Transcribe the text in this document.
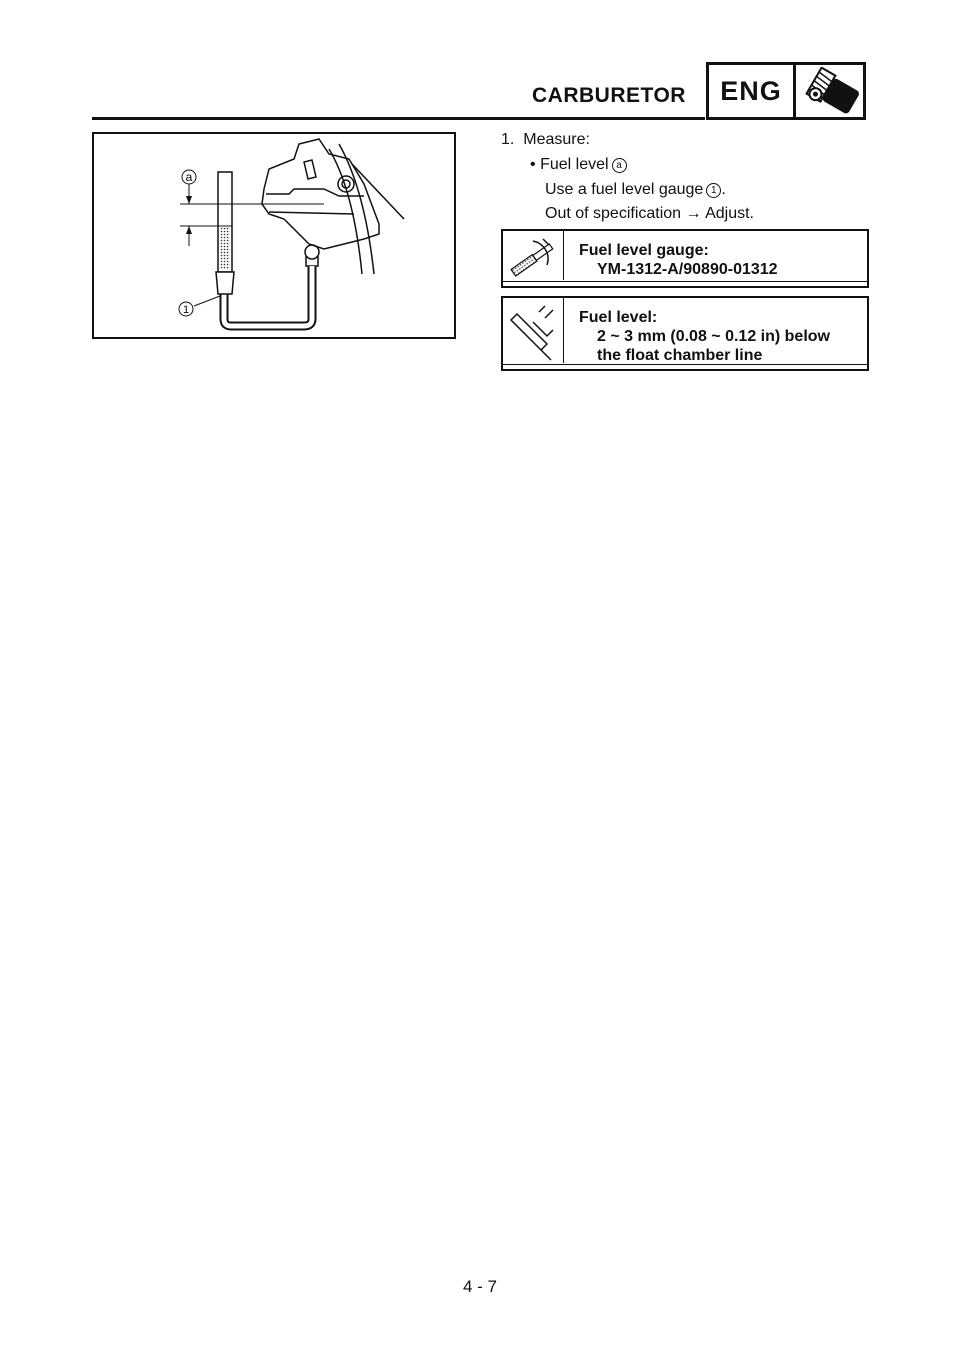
CARBURETOR	ENG
a
1
1. Measure:
• Fuel level a
Use a fuel level gauge 1 .
Out of specification → Adjust.
Fuel level gauge:
YM-1312-A/90890-01312
Fuel level:
2 ~ 3 mm (0.08 ~ 0.12 in) below
the float chamber line
4 - 7
